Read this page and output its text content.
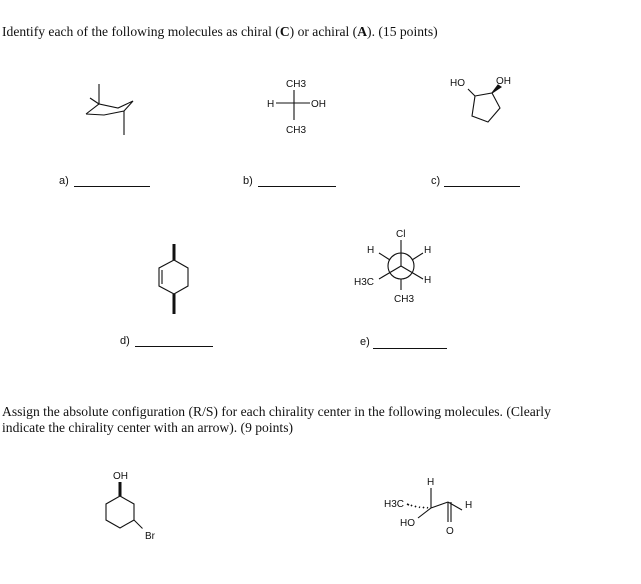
Identify each of the following molecules as chiral (C) or achiral (A). (15 points)
CH3
H	OH
CH3
HO	OH
a)	b)	c)
Cl
H	H
H3C	H
CH3
d)	e)
Assign the absolute configuration (R/S) for each chirality center in the following molecules. (Clearly
indicate the chirality center with an arrow). (9 points)
OH
Br
H
H3C
HO
H
O
